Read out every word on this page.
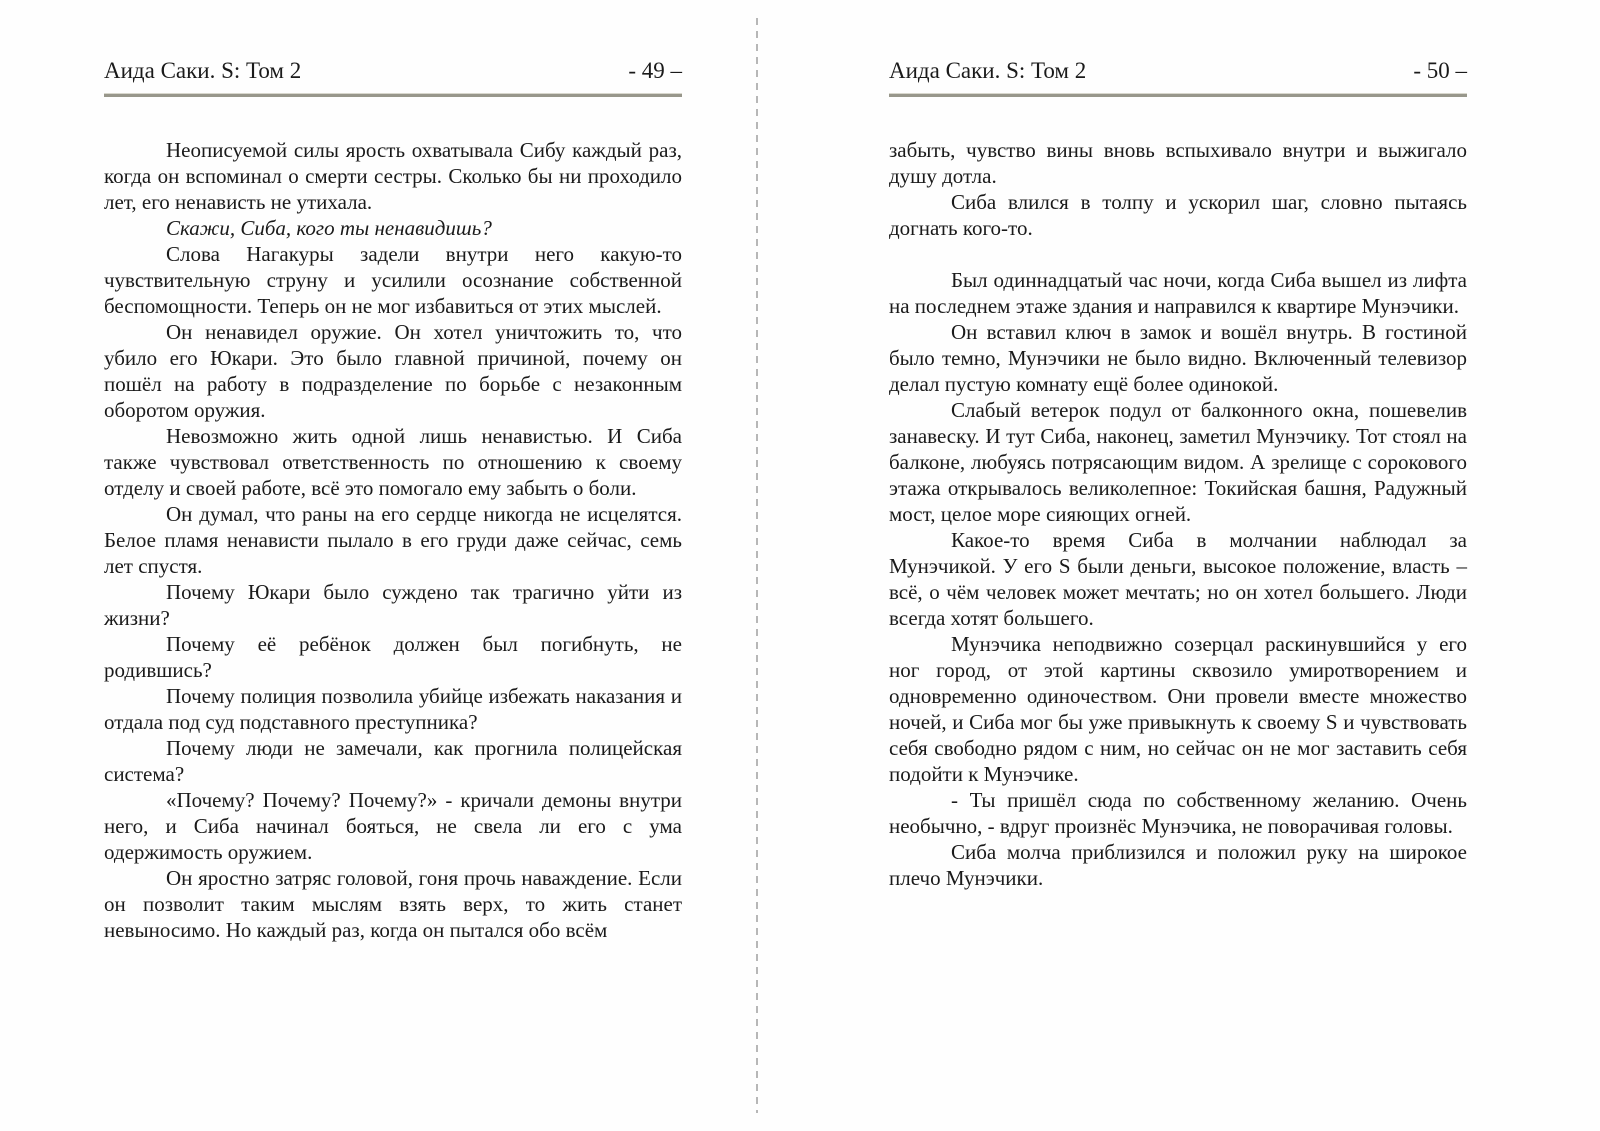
Аида Саки. S: Том 2	- 49 –

Неописуемой силы ярость охватывала Сибу каждый раз, когда он вспоминал о смерти сестры. Сколько бы ни проходило лет, его ненависть не утихала.

Скажи, Сиба, кого ты ненавидишь?

Слова Нагакуры задели внутри него какую-то чувствительную струну и усилили осознание собственной беспомощности. Теперь он не мог избавиться от этих мыслей.

Он ненавидел оружие. Он хотел уничтожить то, что убило его Юкари. Это было главной причиной, почему он пошёл на работу в подразделение по борьбе с незаконным оборотом оружия.

Невозможно жить одной лишь ненавистью. И Сиба также чувствовал ответственность по отношению к своему отделу и своей работе, всё это помогало ему забыть о боли.

Он думал, что раны на его сердце никогда не исцелятся. Белое пламя ненависти пылало в его груди даже сейчас, семь лет спустя.

Почему Юкари было суждено так трагично уйти из жизни?

Почему её ребёнок должен был погибнуть, не родившись?

Почему полиция позволила убийце избежать наказания и отдала под суд подставного преступника?

Почему люди не замечали, как прогнила полицейская система?

«Почему? Почему? Почему?» - кричали демоны внутри него, и Сиба начинал бояться, не свела ли его с ума одержимость оружием.

Он яростно затряс головой, гоня прочь наваждение. Если он позволит таким мыслям взять верх, то жить станет невыносимо. Но каждый раз, когда он пытался обо всём

Аида Саки. S: Том 2	- 50 –

забыть, чувство вины вновь вспыхивало внутри и выжигало душу дотла.

Сиба влился в толпу и ускорил шаг, словно пытаясь догнать кого-то.

Был одиннадцатый час ночи, когда Сиба вышел из лифта на последнем этаже здания и направился к квартире Мунэчики.

Он вставил ключ в замок и вошёл внутрь. В гостиной было темно, Мунэчики не было видно. Включенный телевизор делал пустую комнату ещё более одинокой.

Слабый ветерок подул от балконного окна, пошевелив занавеску. И тут Сиба, наконец, заметил Мунэчику. Тот стоял на балконе, любуясь потрясающим видом. А зрелище с сорокового этажа открывалось великолепное: Токийская башня, Радужный мост, целое море сияющих огней.

Какое-то время Сиба в молчании наблюдал за Мунэчикой. У его S были деньги, высокое положение, власть – всё, о чём человек может мечтать; но он хотел большего. Люди всегда хотят большего.

Мунэчика неподвижно созерцал раскинувшийся у его ног город, от этой картины сквозило умиротворением и одновременно одиночеством. Они провели вместе множество ночей, и Сиба мог бы уже привыкнуть к своему S и чувствовать себя свободно рядом с ним, но сейчас он не мог заставить себя подойти к Мунэчике.

- Ты пришёл сюда по собственному желанию. Очень необычно, - вдруг произнёс Мунэчика, не поворачивая головы.

Сиба молча приблизился и положил руку на широкое плечо Мунэчики.
